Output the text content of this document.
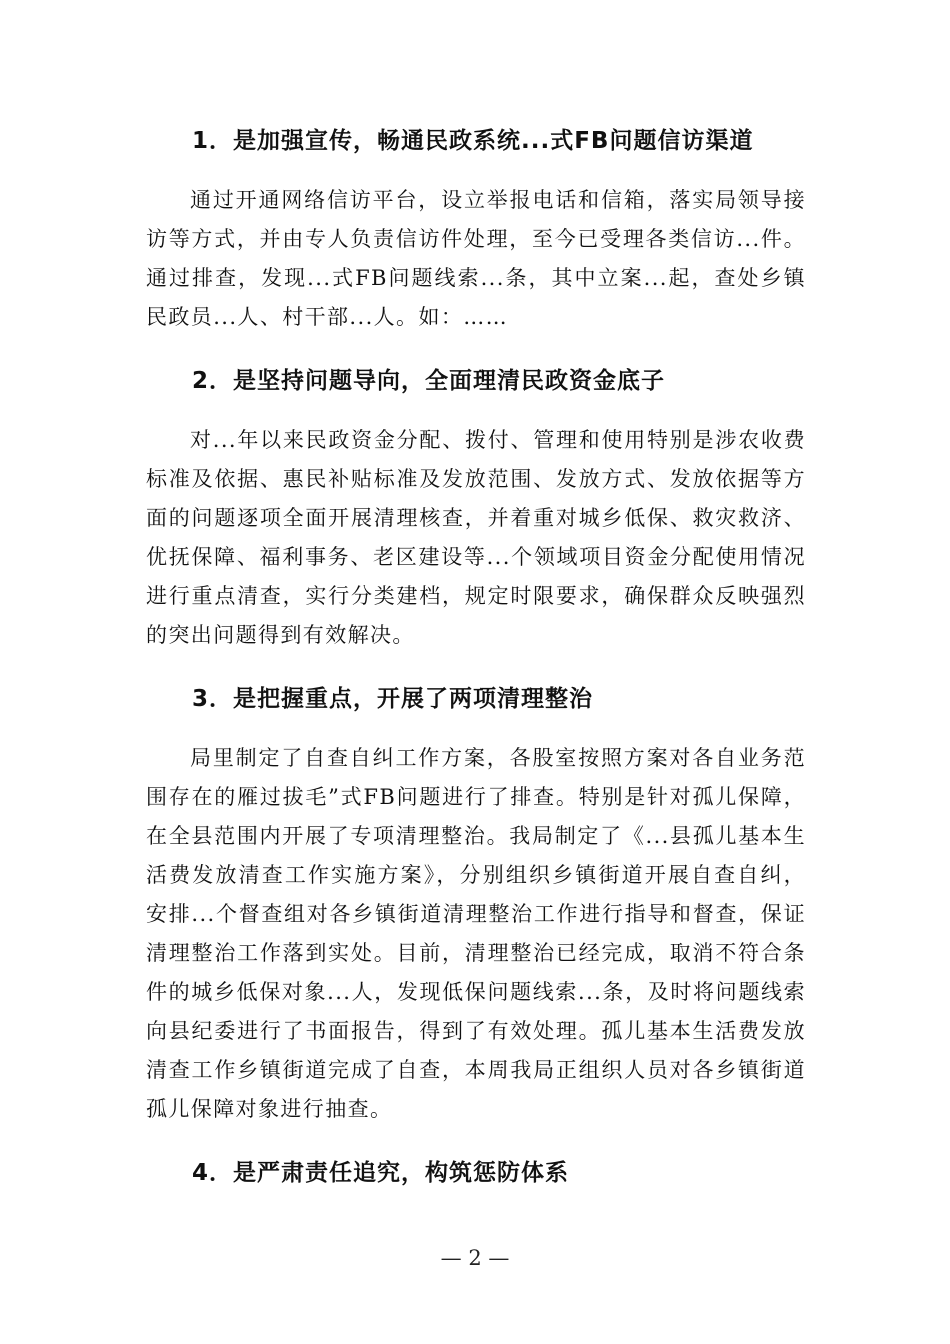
1．是加强宣传，畅通民政系统...式FB问题信访渠道

通过开通网络信访平台，设立举报电话和信箱，落实局领导接访等方式，并由专人负责信访件处理，至今已受理各类信访...件。通过排查，发现...式FB问题线索...条，其中立案...起，查处乡镇民政员...人、村干部...人。如：……

2．是坚持问题导向，全面理清民政资金底子

对...年以来民政资金分配、拨付、管理和使用特别是涉农收费标准及依据、惠民补贴标准及发放范围、发放方式、发放依据等方面的问题逐项全面开展清理核查，并着重对城乡低保、救灾救济、优抚保障、福利事务、老区建设等...个领域项目资金分配使用情况进行重点清查，实行分类建档，规定时限要求，确保群众反映强烈的突出问题得到有效解决。

3．是把握重点，开展了两项清理整治

局里制定了自查自纠工作方案，各股室按照方案对各自业务范围存在的雁过拔毛”式FB问题进行了排查。特别是针对孤儿保障，在全县范围内开展了专项清理整治。我局制定了《...县孤儿基本生活费发放清查工作实施方案》，分别组织乡镇街道开展自查自纠，安排...个督查组对各乡镇街道清理整治工作进行指导和督查，保证清理整治工作落到实处。目前，清理整治已经完成，取消不符合条件的城乡低保对象...人，发现低保问题线索...条，及时将问题线索向县纪委进行了书面报告，得到了有效处理。孤儿基本生活费发放清查工作乡镇街道完成了自查，本周我局正组织人员对各乡镇街道孤儿保障对象进行抽查。

4．是严肃责任追究，构筑惩防体系
— 2 —
